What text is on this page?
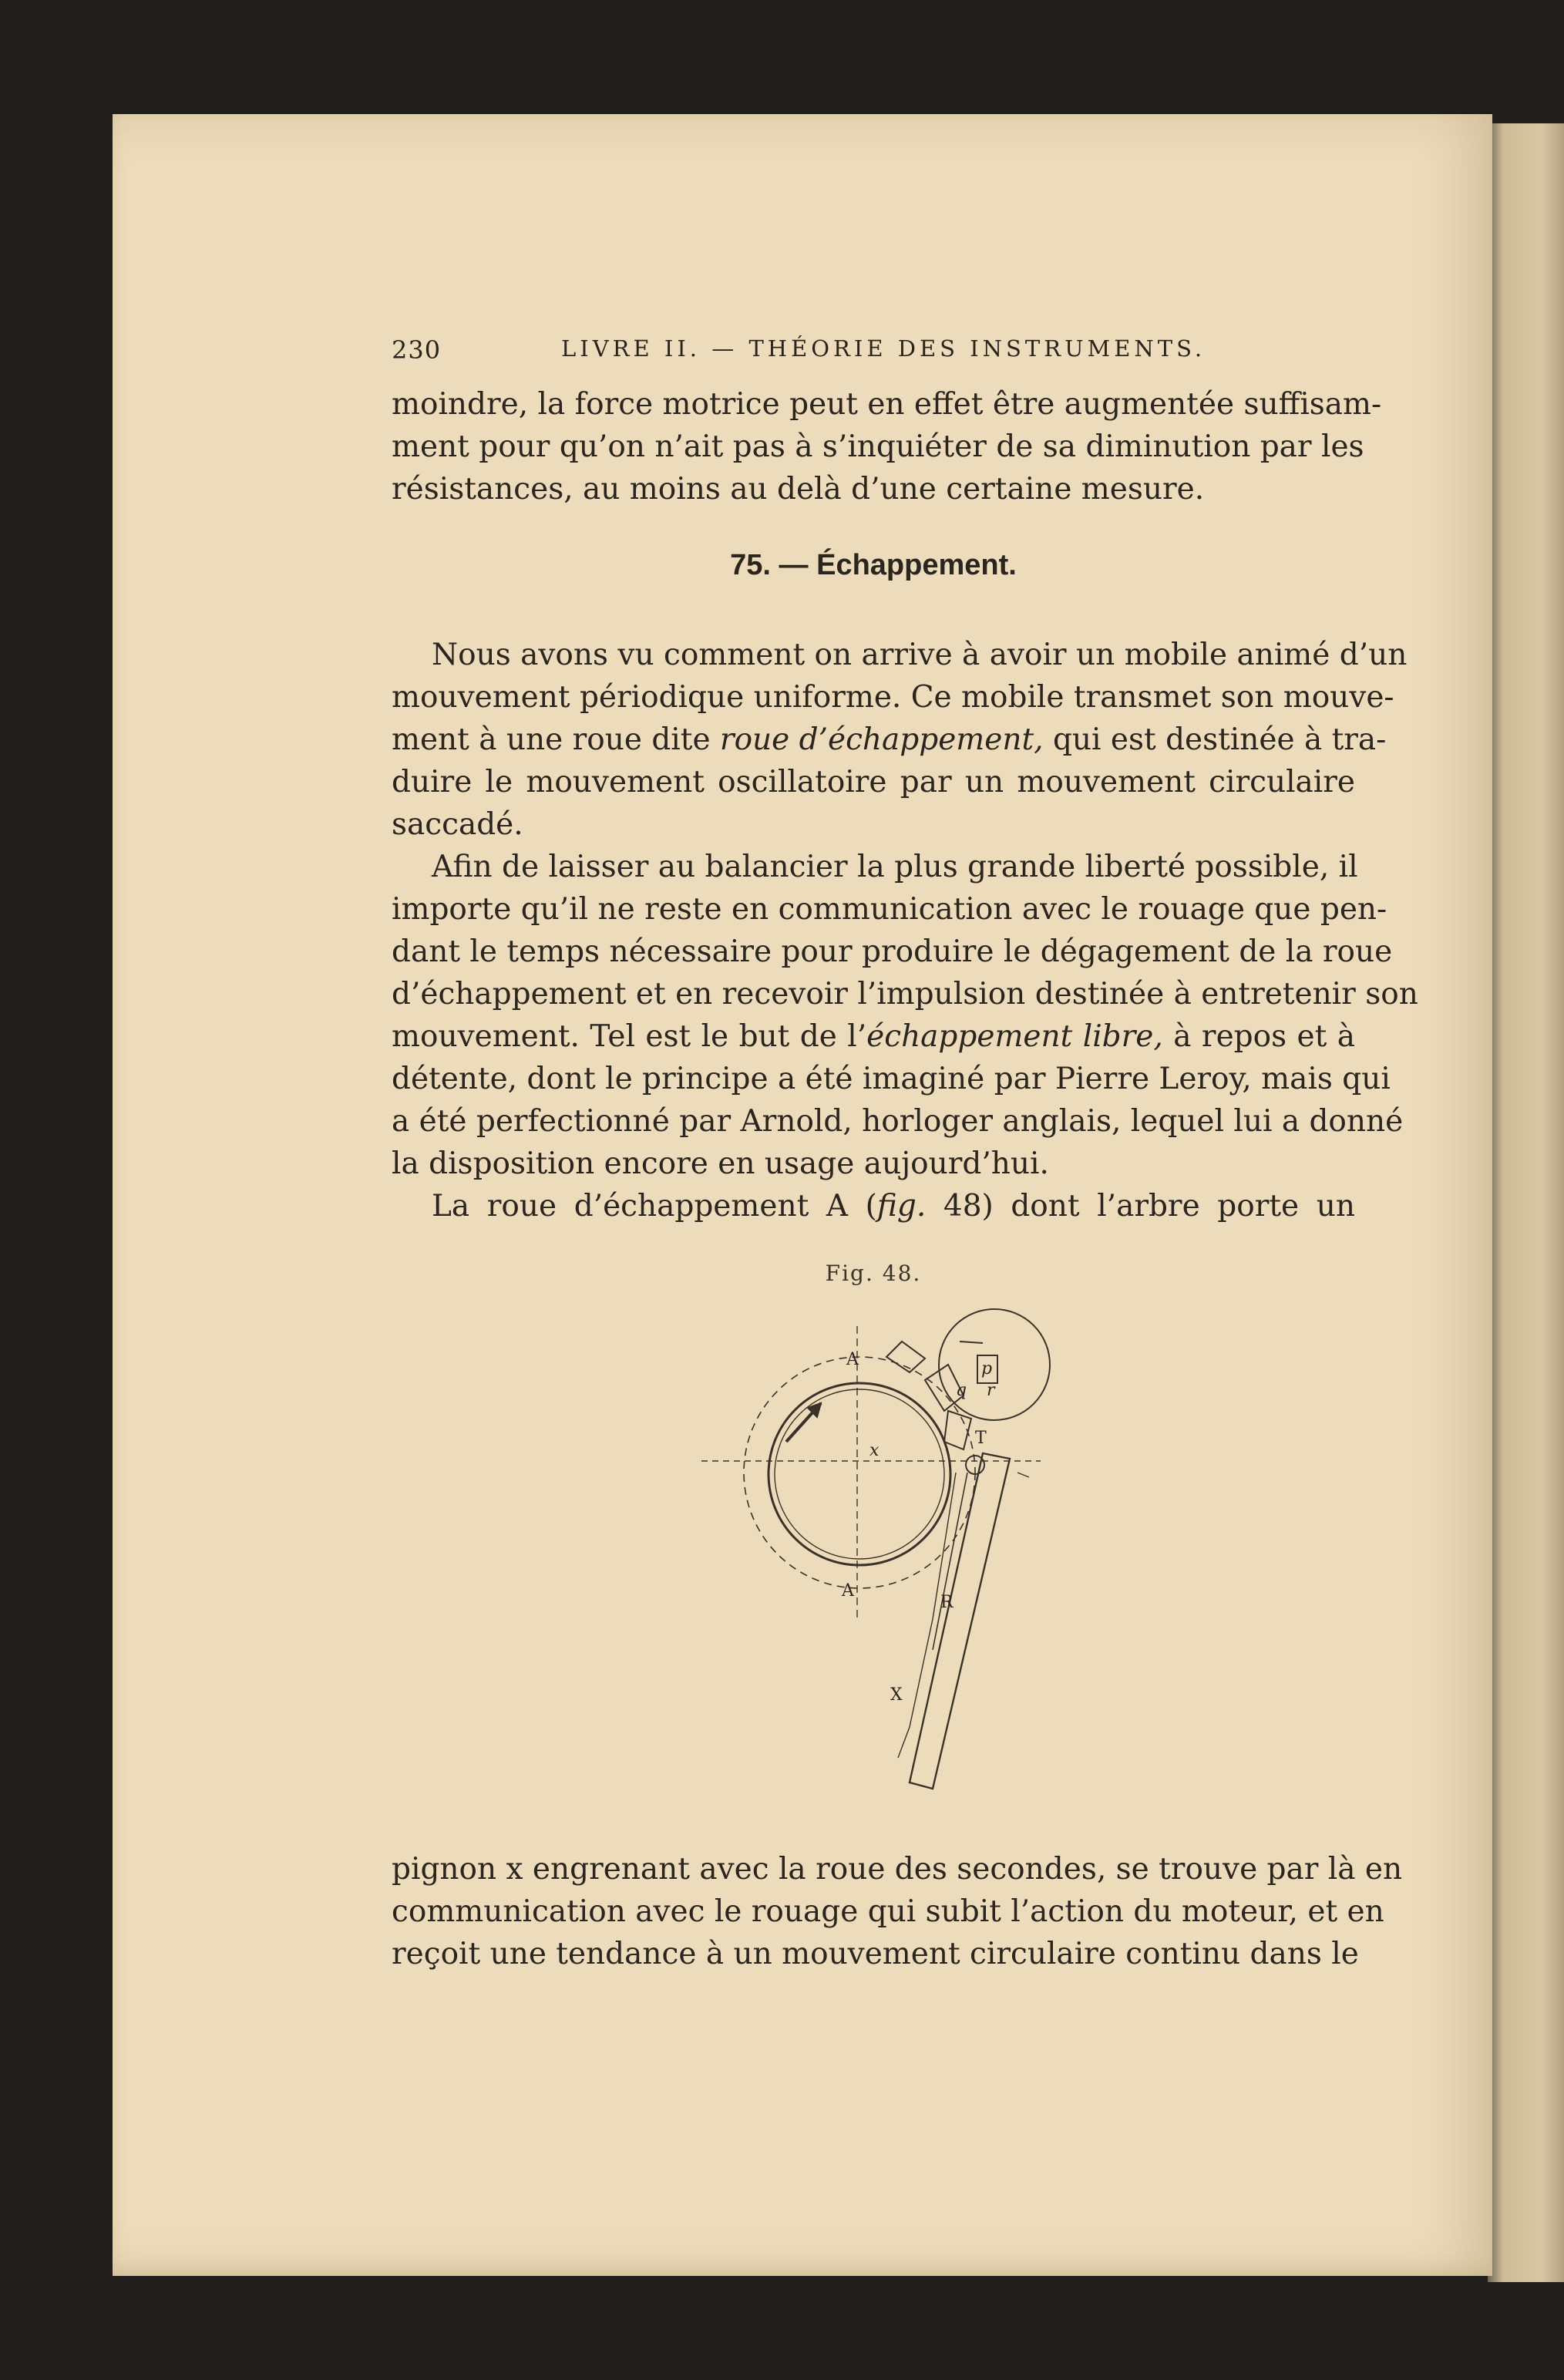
230	LIVRE II. — THÉORIE DES INSTRUMENTS.
moindre, la force motrice peut en effet être augmentée suffisam-
ment pour qu’on n’ait pas à s’inquiéter de sa diminution par les
résistances, au moins au delà d’une certaine mesure.
75. — Échappement.
Nous avons vu comment on arrive à avoir un mobile animé d’un
mouvement périodique uniforme. Ce mobile transmet son mouve-
ment à une roue dite roue d’échappement, qui est destinée à tra-
duire le mouvement oscillatoire par un mouvement circulaire
saccadé.
Afin de laisser au balancier la plus grande liberté possible, il
importe qu’il ne reste en communication avec le rouage que pen-
dant le temps nécessaire pour produire le dégagement de la roue
d’échappement et en recevoir l’impulsion destinée à entretenir son
mouvement. Tel est le but de l’échappement libre, à repos et à
détente, dont le principe a été imaginé par Pierre Leroy, mais qui
a été perfectionné par Arnold, horloger anglais, lequel lui a donné
la disposition encore en usage aujourd’hui.
La roue d’échappement A (fig. 48) dont l’arbre porte un
Fig. 48.
A
A
x
p
q r
T
R
X
pignon x engrenant avec la roue des secondes, se trouve par là en
communication avec le rouage qui subit l’action du moteur, et en
reçoit une tendance à un mouvement circulaire continu dans le
